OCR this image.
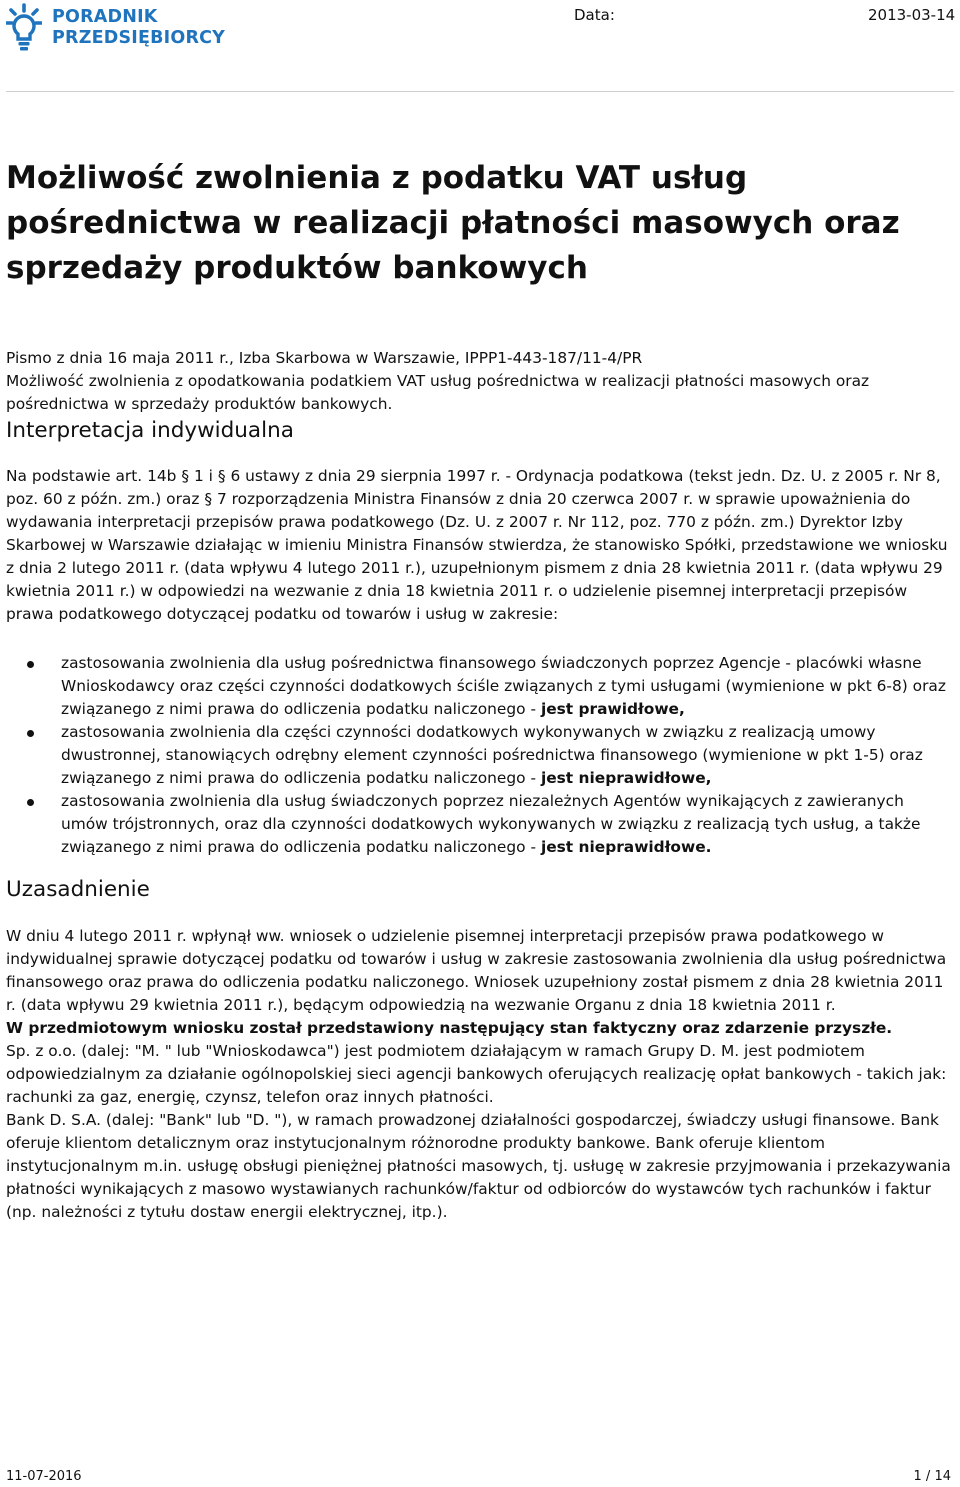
PORADNIK
PRZEDSIĘBIORCY
Data:	2013-03-14
Możliwość zwolnienia z podatku VAT usług pośrednictwa w realizacji płatności masowych oraz sprzedaży produktów bankowych

Pismo z dnia 16 maja 2011 r., Izba Skarbowa w Warszawie, IPPP1-443-187/11-4/PR

Możliwość zwolnienia z opodatkowania podatkiem VAT usług pośrednictwa w realizacji płatności masowych oraz pośrednictwa w sprzedaży produktów bankowych.

Interpretacja indywidualna

Na podstawie art. 14b § 1 i § 6 ustawy z dnia 29 sierpnia 1997 r. - Ordynacja podatkowa (tekst jedn. Dz. U. z 2005 r. Nr 8, poz. 60 z późn. zm.) oraz § 7 rozporządzenia Ministra Finansów z dnia 20 czerwca 2007 r. w sprawie upoważnienia do wydawania interpretacji przepisów prawa podatkowego (Dz. U. z 2007 r. Nr 112, poz. 770 z późn. zm.) Dyrektor Izby Skarbowej w Warszawie działając w imieniu Ministra Finansów stwierdza, że stanowisko Spółki, przedstawione we wniosku z dnia 2 lutego 2011 r. (data wpływu 4 lutego 2011 r.), uzupełnionym pismem z dnia 28 kwietnia 2011 r. (data wpływu 29 kwietnia 2011 r.) w odpowiedzi na wezwanie z dnia 18 kwietnia 2011 r. o udzielenie pisemnej interpretacji przepisów prawa podatkowego dotyczącej podatku od towarów i usług w zakresie:

zastosowania zwolnienia dla usług pośrednictwa finansowego świadczonych poprzez Agencje - placówki własne Wnioskodawcy oraz części czynności dodatkowych ściśle związanych z tymi usługami (wymienione w pkt 6-8) oraz związanego z nimi prawa do odliczenia podatku naliczonego - jest prawidłowe,
zastosowania zwolnienia dla części czynności dodatkowych wykonywanych w związku z realizacją umowy dwustronnej, stanowiących odrębny element czynności pośrednictwa finansowego (wymienione w pkt 1-5) oraz związanego z nimi prawa do odliczenia podatku naliczonego - jest nieprawidłowe,
zastosowania zwolnienia dla usług świadczonych poprzez niezależnych Agentów wynikających z zawieranych umów trójstronnych, oraz dla czynności dodatkowych wykonywanych w związku z realizacją tych usług, a także związanego z nimi prawa do odliczenia podatku naliczonego - jest nieprawidłowe.
Uzasadnienie

W dniu 4 lutego 2011 r. wpłynął ww. wniosek o udzielenie pisemnej interpretacji przepisów prawa podatkowego w indywidualnej sprawie dotyczącej podatku od towarów i usług w zakresie zastosowania zwolnienia dla usług pośrednictwa finansowego oraz prawa do odliczenia podatku naliczonego. Wniosek uzupełniony został pismem z dnia 28 kwietnia 2011 r. (data wpływu 29 kwietnia 2011 r.), będącym odpowiedzią na wezwanie Organu z dnia 18 kwietnia 2011 r.

W przedmiotowym wniosku został przedstawiony następujący stan faktyczny oraz zdarzenie przyszłe.

Sp. z o.o. (dalej: "M. " lub "Wnioskodawca") jest podmiotem działającym w ramach Grupy D. M. jest podmiotem odpowiedzialnym za działanie ogólnopolskiej sieci agencji bankowych oferujących realizację opłat bankowych - takich jak: rachunki za gaz, energię, czynsz, telefon oraz innych płatności.

Bank D. S.A. (dalej: "Bank" lub "D. "), w ramach prowadzonej działalności gospodarczej, świadczy usługi finansowe. Bank oferuje klientom detalicznym oraz instytucjonalnym różnorodne produkty bankowe. Bank oferuje klientom instytucjonalnym m.in. usługę obsługi pieniężnej płatności masowych, tj. usługę w zakresie przyjmowania i przekazywania płatności wynikających z masowo wystawianych rachunków/faktur od odbiorców do wystawców tych rachunków i faktur (np. należności z tytułu dostaw energii elektrycznej, itp.).

11-07-2016	1 / 14
